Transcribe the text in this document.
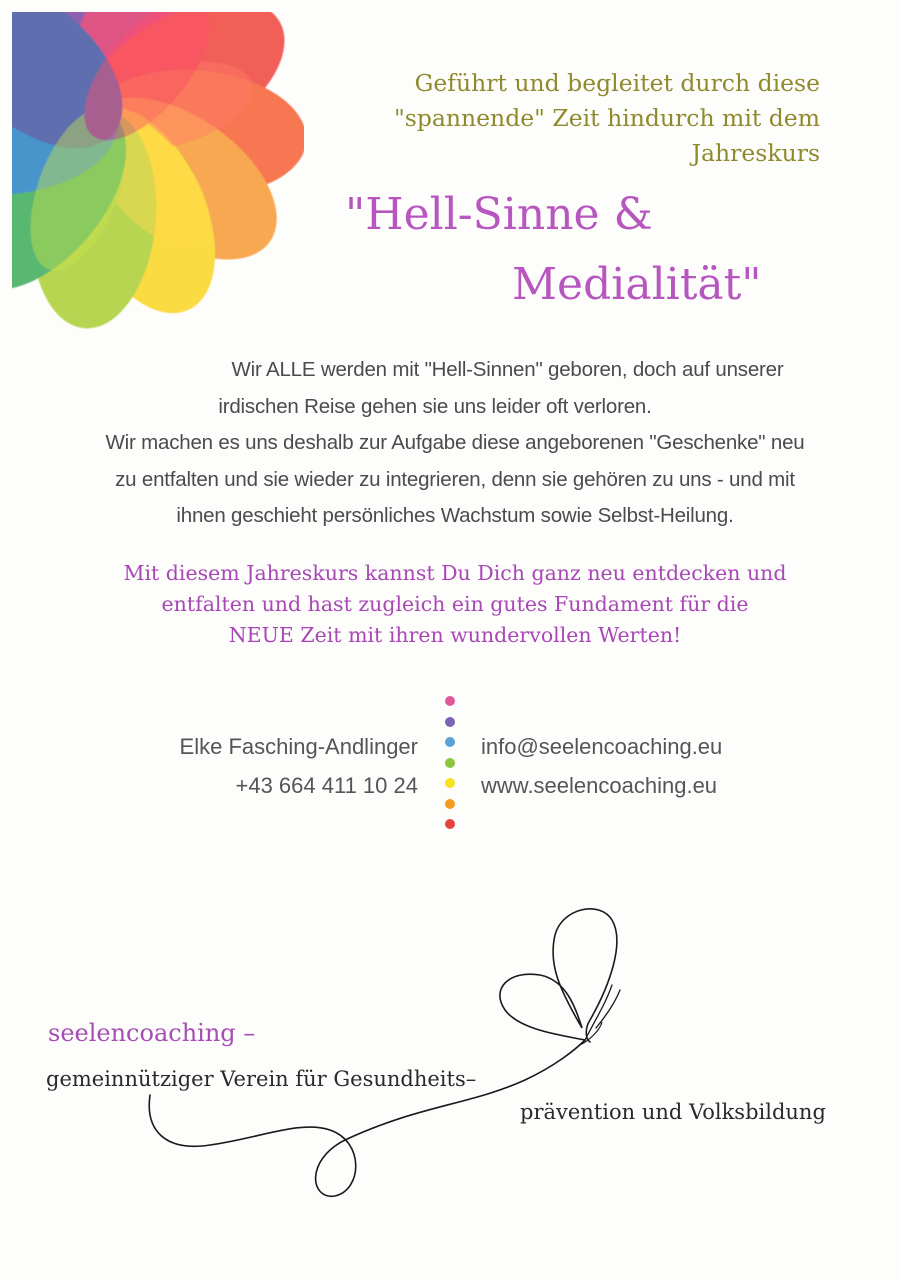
Geführt und begleitet durch diese
"spannende" Zeit hindurch mit dem
Jahreskurs
"Hell-Sinne &
Medialität"
Wir ALLE werden mit "Hell-Sinnen" geboren, doch auf unserer
irdischen Reise gehen sie uns leider oft verloren.
Wir machen es uns deshalb zur Aufgabe diese angeborenen "Geschenke" neu
zu entfalten und sie wieder zu integrieren, denn sie gehören zu uns - und mit
ihnen geschieht persönliches Wachstum sowie Selbst-Heilung.
Mit diesem Jahreskurs kannst Du Dich ganz neu entdecken und
entfalten und hast zugleich ein gutes Fundament für die
NEUE Zeit mit ihren wundervollen Werten!
Elke Fasching-Andlinger
+43 664 411 10 24
info@seelencoaching.eu
www.seelencoaching.eu
seelencoaching –
gemeinnütziger Verein für Gesundheits–
prävention und Volksbildung
